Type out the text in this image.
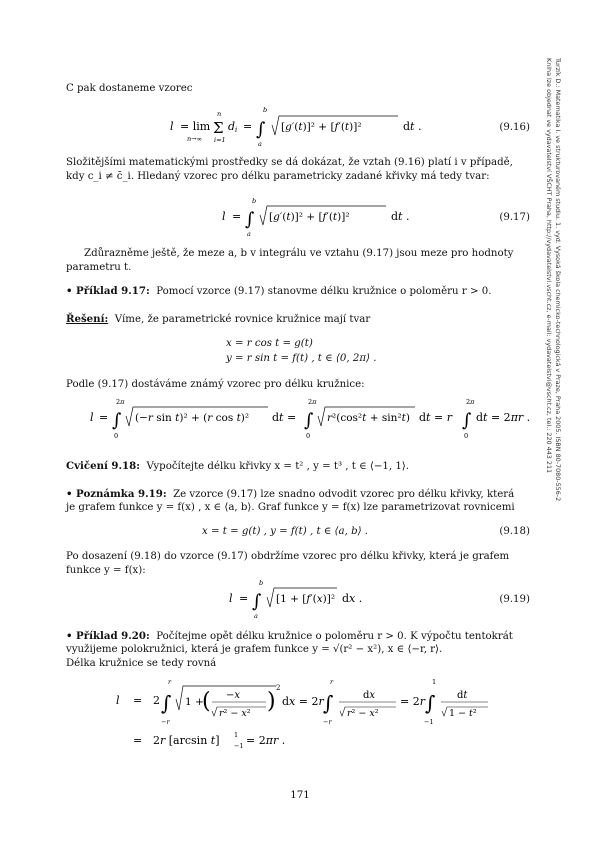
C pak dostaneme vzorec
l = lim
n→∞
Σ
n
i=1
di = ∫
b
a
[g′(t)]² + [f′(t)]²	dt .	(9.16)
Složitějšími matematickými prostředky se dá dokázat, že vztah (9.16) platí i v případě,
kdy c_i ≠ c̄_i. Hledaný vzorec pro délku parametricky zadané křivky má tedy tvar:
l = ∫
b
a
[g′(t)]² + [f′(t)]²	dt .	(9.17)
Zdůrazněme ještě, že meze a, b v integrálu ve vztahu (9.17) jsou meze pro hodnoty
parametru t.
• Příklad 9.17: Pomocí vzorce (9.17) stanovme délku kružnice o poloměru r > 0.
Řešení: Víme, že parametrické rovnice kružnice mají tvar
x = r cos t = g(t)
y = r sin t = f(t) , t ∈ ⟨0, 2π⟩ .
Podle (9.17) dostáváme známý vzorec pro délku kružnice:
l = ∫
2π
0
(−r sin t)² + (r cos t)² dt = ∫
2π
0
r²(cos²t + sin²t) dt = r ∫
2π
0
dt = 2πr .
Cvičení 9.18: Vypočítejte délku křivky x = t² , y = t³ , t ∈ ⟨−1, 1⟩.
• Poznámka 9.19: Ze vzorce (9.17) lze snadno odvodit vzorec pro délku křivky, která
je grafem funkce y = f(x) , x ∈ ⟨a, b⟩. Graf funkce y = f(x) lze parametrizovat rovnicemi
x = t = g(t) , y = f(t) , t ∈ ⟨a, b⟩ .	(9.18)
Po dosazení (9.18) do vzorce (9.17) obdržíme vzorec pro délku křivky, která je grafem
funkce y = f(x):
l = ∫
b
a
[1 + [f′(x)]² dx .	(9.19)
• Příklad 9.20: Počítejme opět délku kružnice o poloměru r > 0. K výpočtu tentokrát
využijeme polokružnici, která je grafem funkce y = √(r² − x²), x ∈ ⟨−r, r⟩.
Délka kružnice se tedy rovná
l = 2 ∫
r
−r
1 +
( −x
r² − x² )
2
dx = 2r ∫
r
−r
dx
r² − x²
= 2r ∫
1
−1
dt
1 − t²
= 2r [arcsin t] 1
−1 = 2πr .
171
Turzík D.: Matematika I. ve strukturovaném studiu. 1. vyd. Vysoká škola chemicko-technologická v Praze, Praha 2005. ISBN 80-7080-556-2
Kniha lze objednat ve vydavatelství VŠCHT Praha, http://vydavatelstvi.vscht.cz, e-mail: vydavatelstvi@vscht.cz, tel.: 220 443 211
